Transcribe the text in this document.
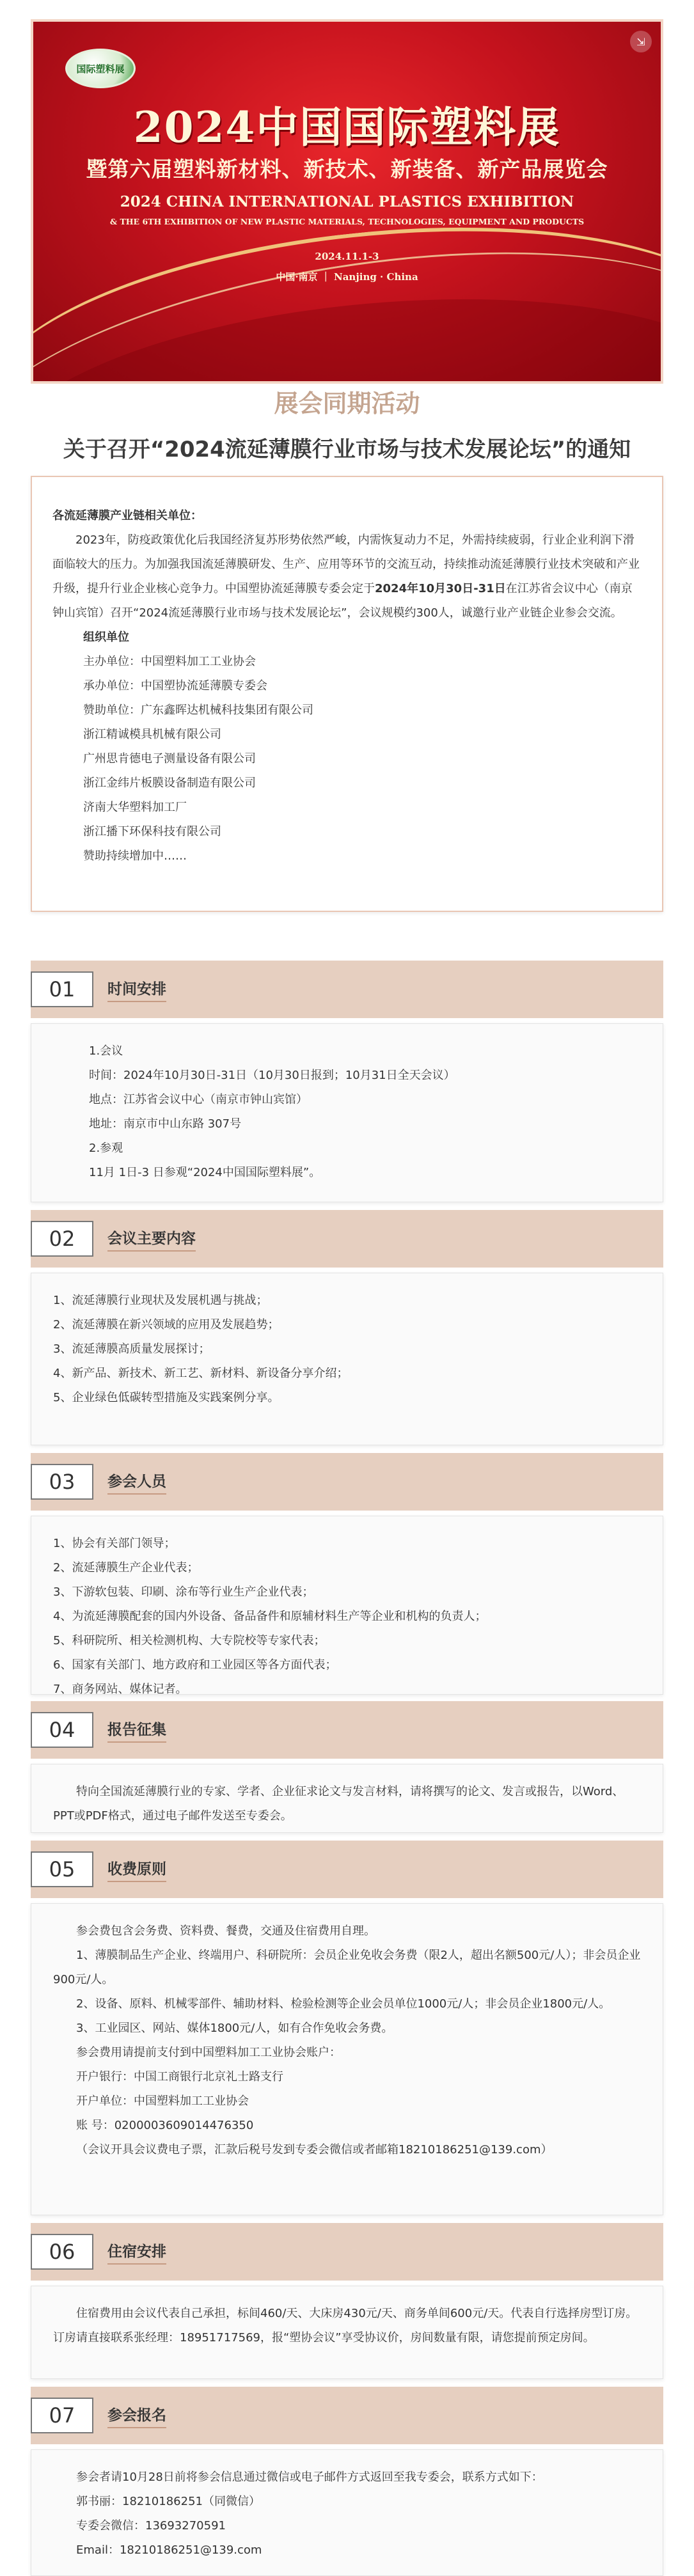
国际塑料展
⇲
2024中国国际塑料展
暨第六届塑料新材料、新技术、新装备、新产品展览会
2024 CHINA INTERNATIONAL PLASTICS EXHIBITION
& THE 6TH EXHIBITION OF NEW PLASTIC MATERIALS, TECHNOLOGIES, EQUIPMENT AND PRODUCTS
2024.11.1-3
中国·南京 ｜ Nanjing · China
展会同期活动
关于召开“2024流延薄膜行业市场与技术发展论坛”的通知

各流延薄膜产业链相关单位：

2023年，防疫政策优化后我国经济复苏形势依然严峻，内需恢复动力不足，外需持续疲弱，行业企业利润下滑面临较大的压力。为加强我国流延薄膜研发、生产、应用等环节的交流互动，持续推动流延薄膜行业技术突破和产业升级，提升行业企业核心竞争力。中国塑协流延薄膜专委会定于2024年10月30日-31日在江苏省会议中心（南京钟山宾馆）召开“2024流延薄膜行业市场与技术发展论坛”，会议规模约300人，诚邀行业产业链企业参会交流。

组织单位

主办单位：中国塑料加工工业协会

承办单位：中国塑协流延薄膜专委会

赞助单位：广东鑫晖达机械科技集团有限公司

浙江精诚模具机械有限公司

广州思肯德电子测量设备有限公司

浙江金纬片板膜设备制造有限公司

济南大华塑料加工厂

浙江播下环保科技有限公司

赞助持续增加中……

01	时间安排

1.会议

时间：2024年10月30日-31日（10月30日报到；10月31日全天会议）

地点：江苏省会议中心（南京市钟山宾馆）

地址：南京市中山东路 307号

2.参观

11月 1日-3 日参观“2024中国国际塑料展”。

02	会议主要内容

1、流延薄膜行业现状及发展机遇与挑战；

2、流延薄膜在新兴领域的应用及发展趋势；

3、流延薄膜高质量发展探讨；

4、新产品、新技术、新工艺、新材料、新设备分享介绍；

5、企业绿色低碳转型措施及实践案例分享。

03	参会人员

1、协会有关部门领导；

2、流延薄膜生产企业代表；

3、下游软包装、印刷、涂布等行业生产企业代表；

4、为流延薄膜配套的国内外设备、备品备件和原辅材料生产等企业和机构的负责人；

5、科研院所、相关检测机构、大专院校等专家代表；

6、国家有关部门、地方政府和工业园区等各方面代表；

7、商务网站、媒体记者。

04	报告征集

特向全国流延薄膜行业的专家、学者、企业征求论文与发言材料，请将撰写的论文、发言或报告，以Word、PPT或PDF格式，通过电子邮件发送至专委会。

05	收费原则

参会费包含会务费、资料费、餐费，交通及住宿费用自理。

1、薄膜制品生产企业、终端用户、科研院所：会员企业免收会务费（限2人，超出名额500元/人）；非会员企业900元/人。

2、设备、原料、机械零部件、辅助材料、检验检测等企业会员单位1000元/人；非会员企业1800元/人。

3、工业园区、网站、媒体1800元/人，如有合作免收会务费。

参会费用请提前支付到中国塑料加工工业协会账户：

开户银行：中国工商银行北京礼士路支行

开户单位：中国塑料加工工业协会

账 号：0200003609014476350

（会议开具会议费电子票，汇款后税号发到专委会微信或者邮箱18210186251@139.com）

06	住宿安排

住宿费用由会议代表自己承担，标间460/天、大床房430元/天、商务单间600元/天。代表自行选择房型订房。订房请直接联系张经理：18951717569，报“塑协会议”享受协议价，房间数量有限，请您提前预定房间。

07	参会报名

参会者请10月28日前将参会信息通过微信或电子邮件方式返回至我专委会，联系方式如下：

郭书丽：18210186251（同微信）

专委会微信：13693270591

Email：18210186251@139.com
